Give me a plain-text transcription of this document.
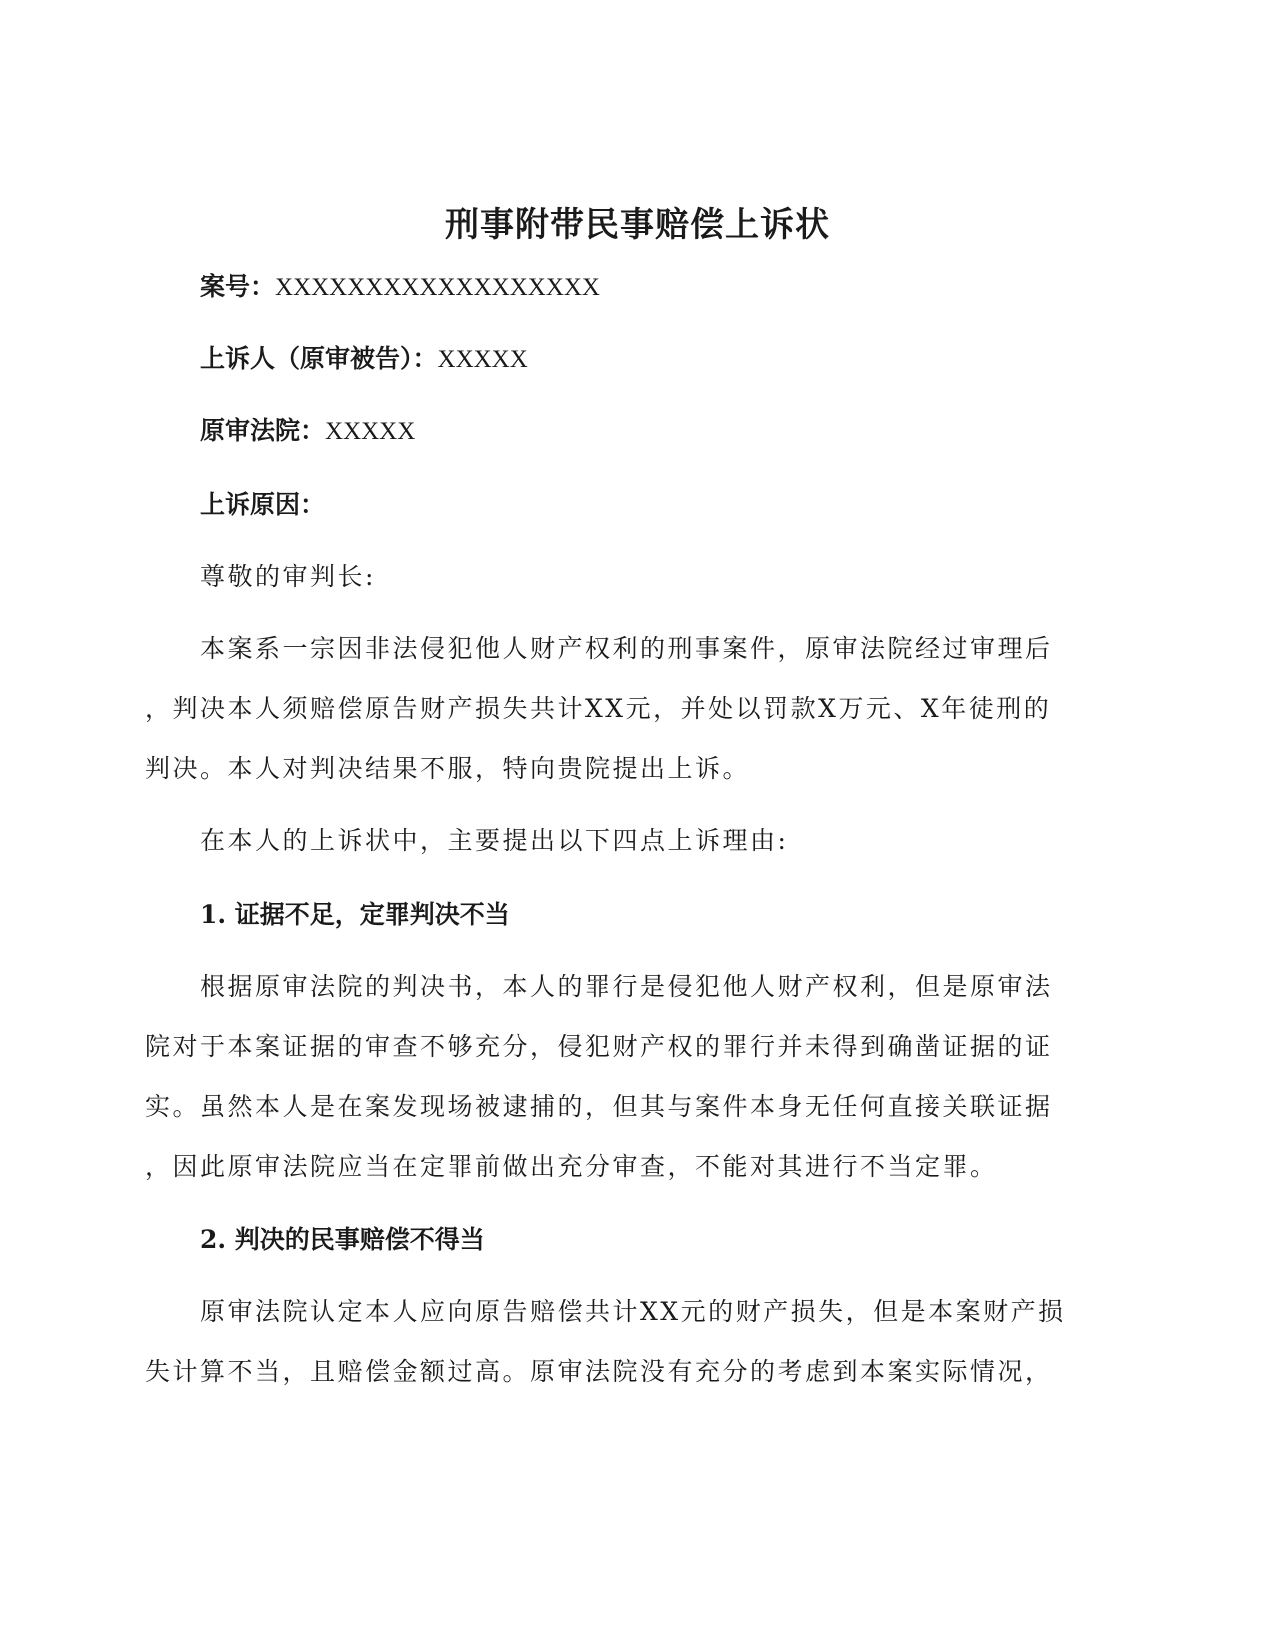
刑事附带民事赔偿上诉状
案号：XXXXXXXXXXXXXXXXXX
上诉人（原审被告）：XXXXX
原审法院：XXXXX
上诉原因：
尊敬的审判长:
本案系一宗因非法侵犯他人财产权利的刑事案件，原审法院经过审理后
，判决本人须赔偿原告财产损失共计XX元，并处以罚款X万元、X年徒刑的
判决。本人对判决结果不服，特向贵院提出上诉。
在本人的上诉状中，主要提出以下四点上诉理由:
1. 证据不足，定罪判决不当
根据原审法院的判决书，本人的罪行是侵犯他人财产权利，但是原审法
院对于本案证据的审查不够充分，侵犯财产权的罪行并未得到确凿证据的证
实。虽然本人是在案发现场被逮捕的，但其与案件本身无任何直接关联证据
，因此原审法院应当在定罪前做出充分审查，不能对其进行不当定罪。
2. 判决的民事赔偿不得当
原审法院认定本人应向原告赔偿共计XX元的财产损失，但是本案财产损
失计算不当，且赔偿金额过高。原审法院没有充分的考虑到本案实际情况，
